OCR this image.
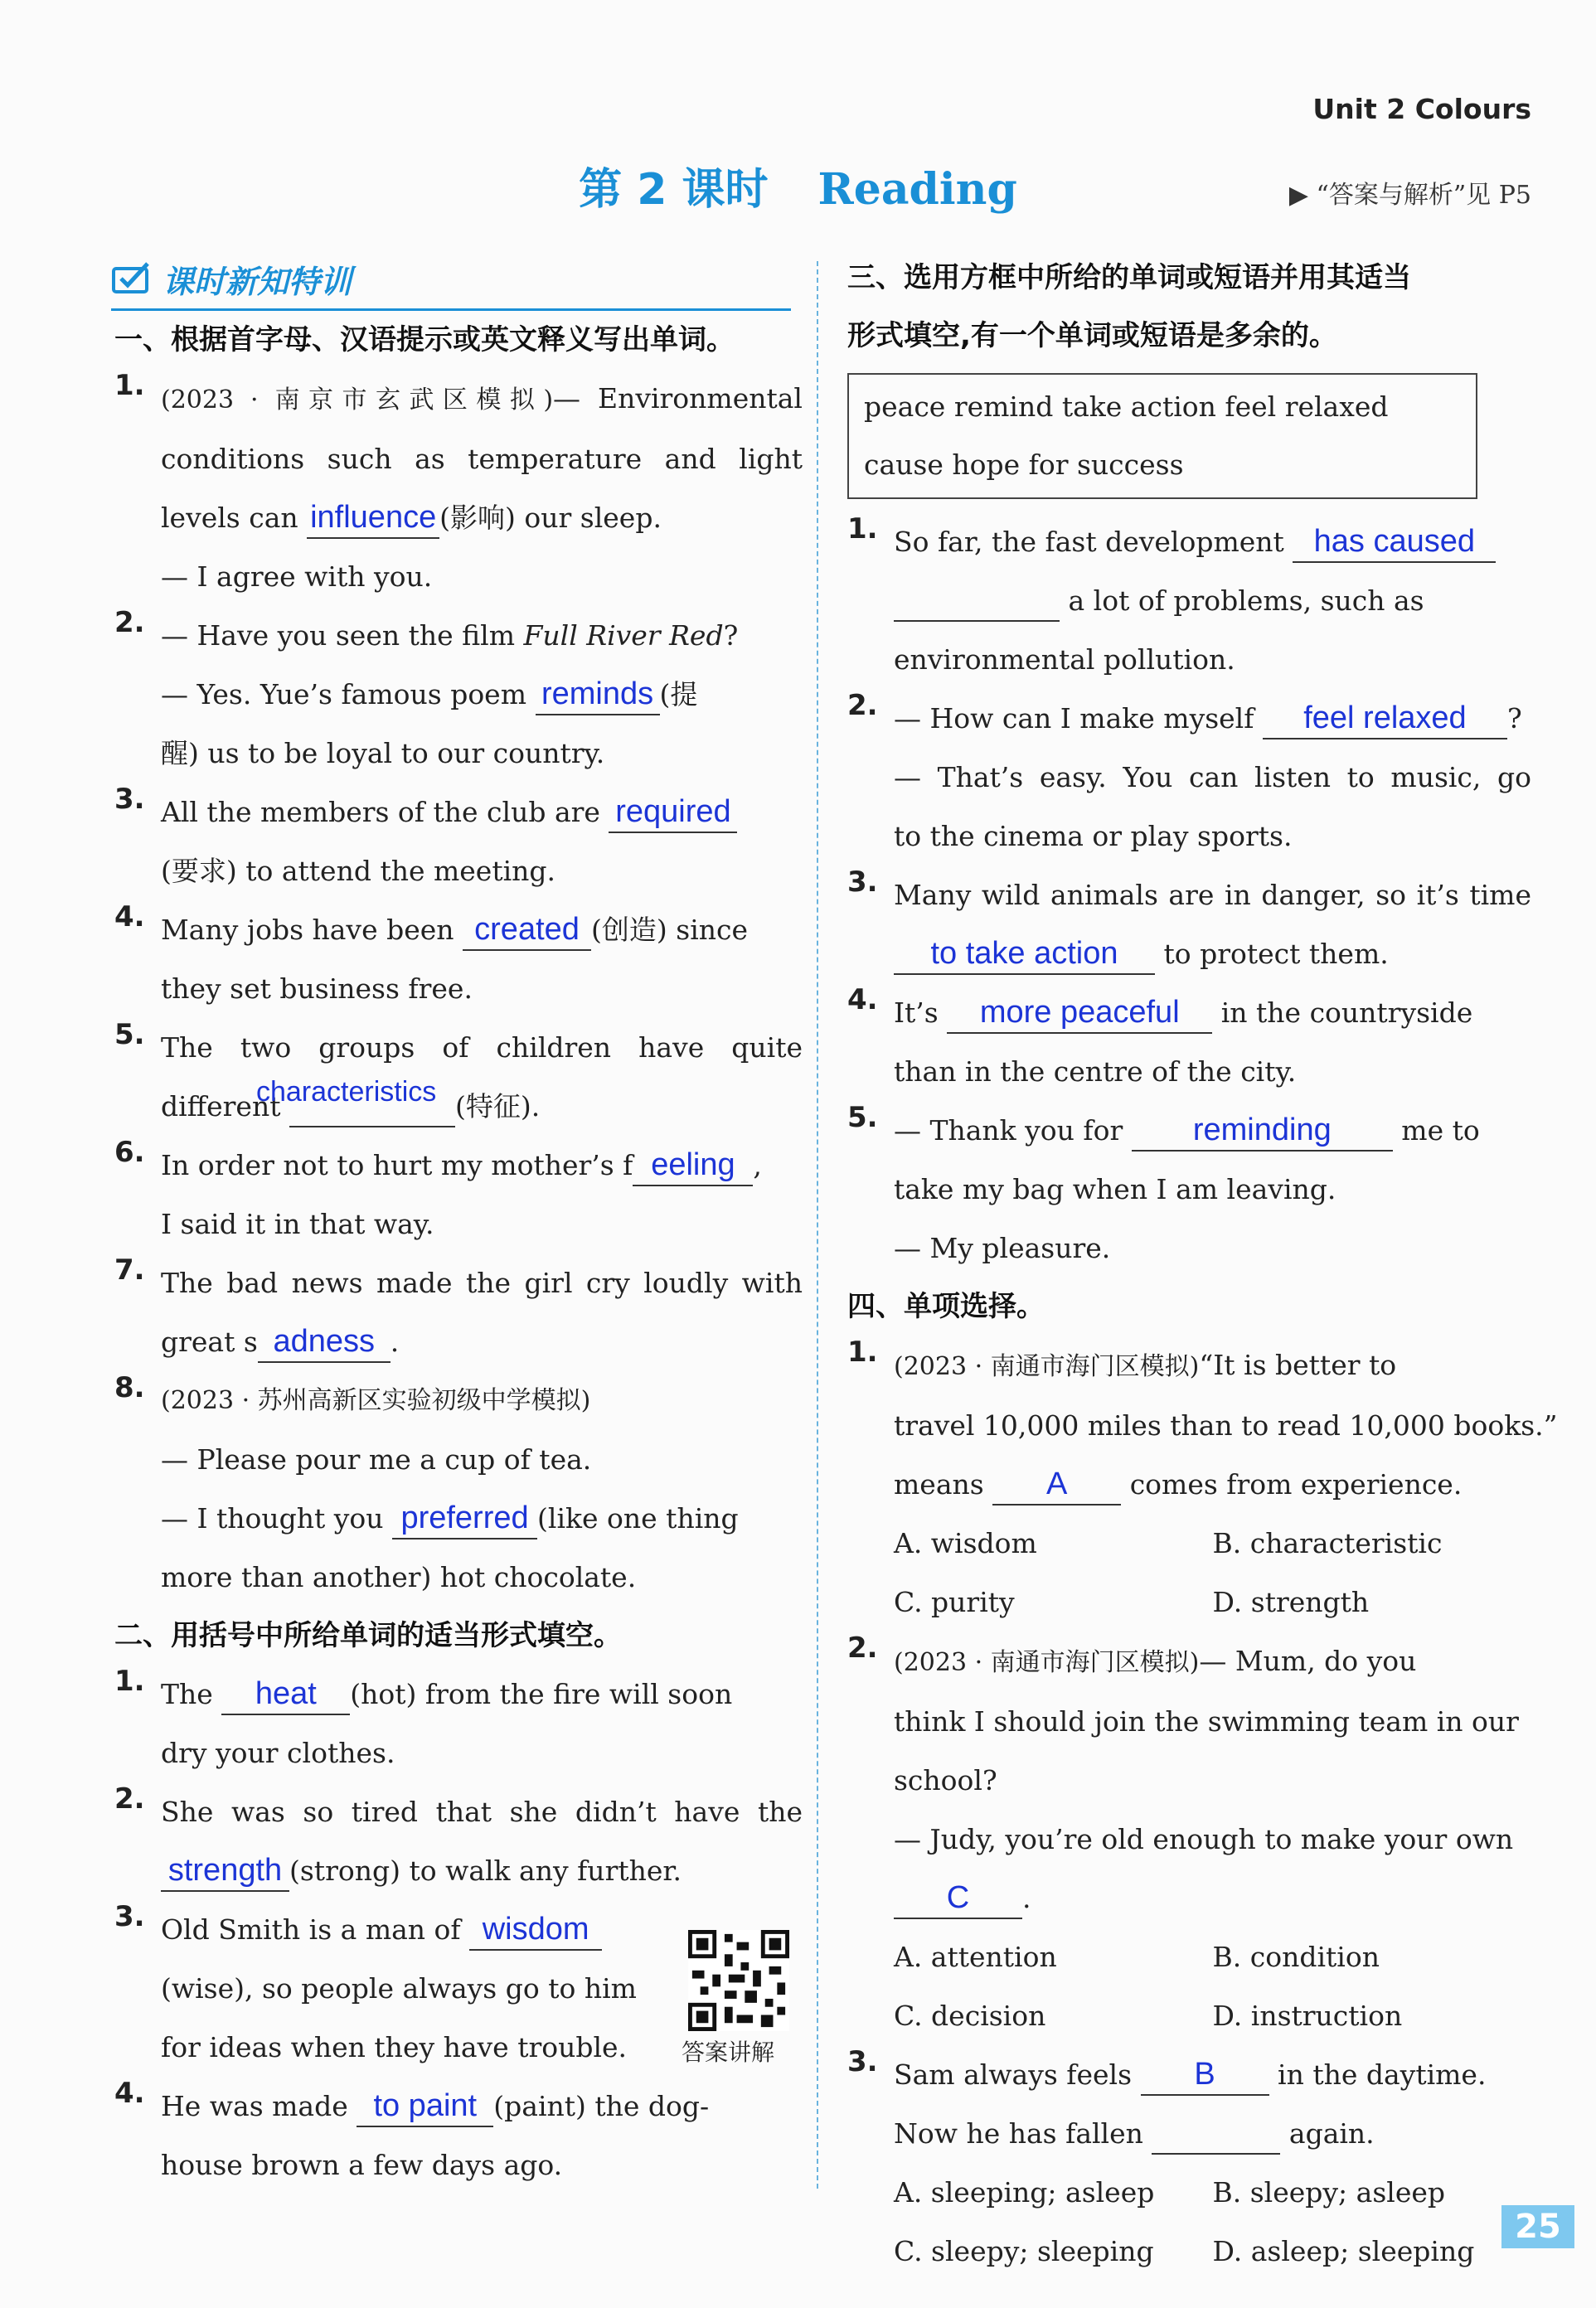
Unit 2 Colours
第 2 课时 Reading	▶ “答案与解析”见 P5
课时新知特训
一、根据首字母、汉语提示或英文释义写出单词。
1. (2023 · 南京市玄武区模拟)— Environmental
conditions such as temperature and light
levels can influence (影响) our sleep.
— I agree with you.
2. — Have you seen the film Full River Red?
— Yes. Yue’s famous poem reminds (提
醒) us to be loyal to our country.
3. All the members of the club are required
(要求) to attend the meeting.
4. Many jobs have been created (创造) since
they set business free.
5. The two groups of children have quite
different
characteristics (特征).
6. In order not to hurt my mother’s f eeling ,
I said it in that way.
7. The bad news made the girl cry loudly with
great s adness .
8. (2023 · 苏州高新区实验初级中学模拟)
— Please pour me a cup of tea.
— I thought you preferred (like one thing
more than another) hot chocolate.
二、用括号中所给单词的适当形式填空。
1. The heat (hot) from the fire will soon
dry your clothes.
2. She was so tired that she didn’t have the
strength (strong) to walk any further.
3. Old Smith is a man of wisdom
(wise), so people always go to him
for ideas when they have trouble.
4. He was made to paint (paint) the dog-
house brown a few days ago.
答案讲解
三、选用方框中所给的单词或短语并用其适当
形式填空,有一个单词或短语是多余的。
peace remind take action feel relaxed
cause hope for success
1. So far, the fast development has caused
a lot of problems, such as
environmental pollution.
2. — How can I make myself feel relaxed ?
— That’s easy. You can listen to music, go
to the cinema or play sports.
3. Many wild animals are in danger, so it’s time
to take action to protect them.
4. It’s more peaceful in the countryside
than in the centre of the city.
5. — Thank you for reminding	me to
take my bag when I am leaving.
— My pleasure.
四、单项选择。
1. (2023 · 南通市海门区模拟)“It is better to
travel 10,000 miles than to read 10,000 books.”
means A comes from experience.
A. wisdom	B. characteristic
C. purity	D. strength
2. (2023 · 南通市海门区模拟)— Mum, do you
think I should join the swimming team in our
school?
— Judy, you’re old enough to make your own
C .
A. attention	B. condition
C. decision	D. instruction
3. Sam always feels B in the daytime.
Now he has fallen	again.
A. sleeping; asleep	B. sleepy; asleep
C. sleepy; sleeping	D. asleep; sleeping
25
